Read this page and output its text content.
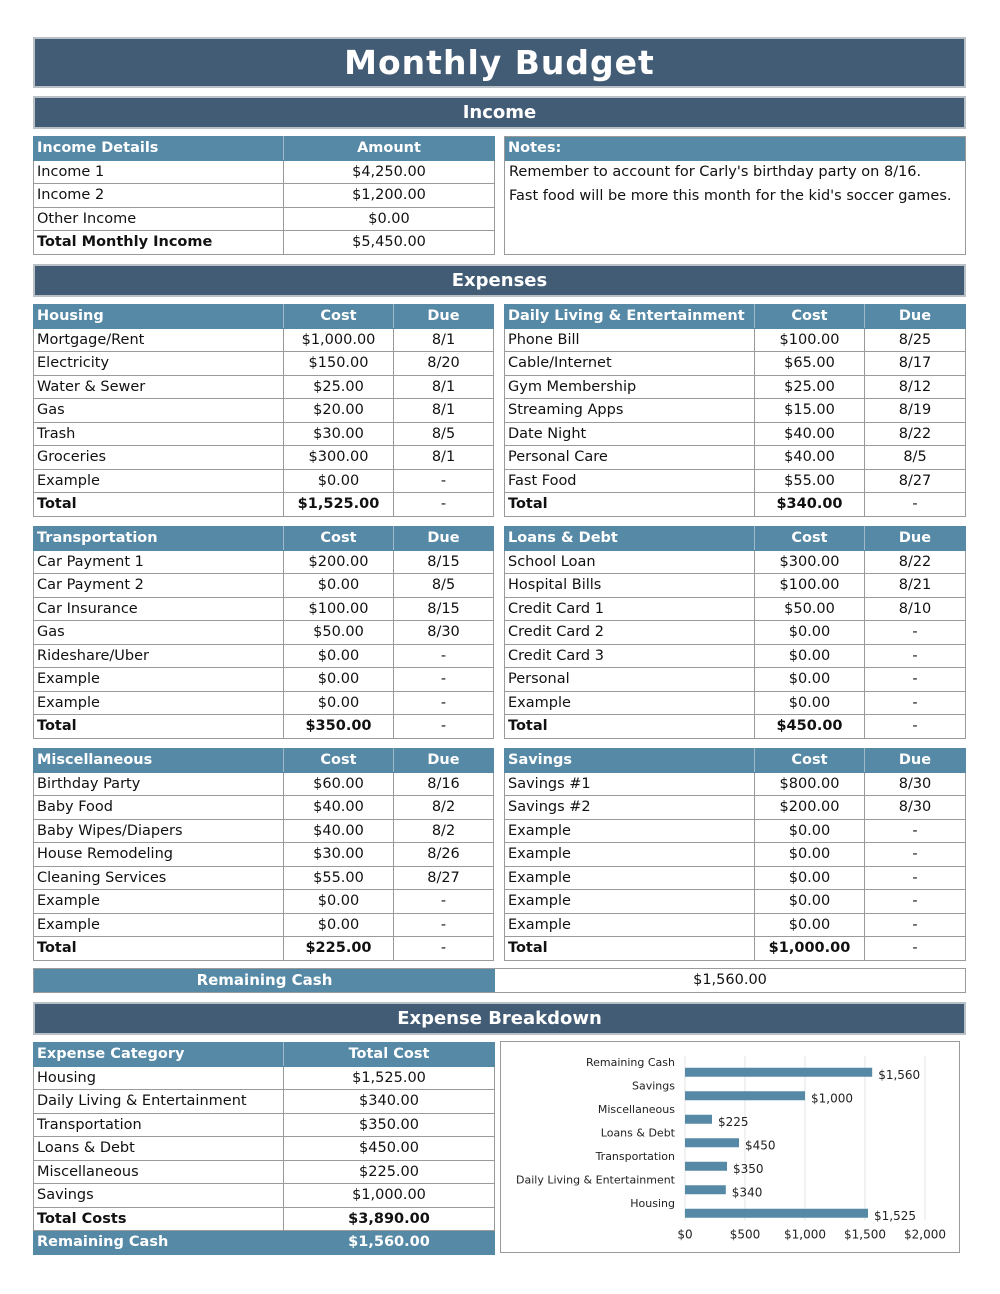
Monthly Budget
Income
Income Details	Amount
Income 1	$4,250.00
Income 2	$1,200.00
Other Income	$0.00
Total Monthly Income	$5,450.00
Notes:
Remember to account for Carly's birthday party on 8/16.
Fast food will be more this month for the kid's soccer games.
Expenses
Housing	Cost	Due
Mortgage/Rent	$1,000.00	8/1
Electricity	$150.00	8/20
Water & Sewer	$25.00	8/1
Gas	$20.00	8/1
Trash	$30.00	8/5
Groceries	$300.00	8/1
Example	$0.00	-
Total	$1,525.00	-
Daily Living & Entertainment	Cost	Due
Phone Bill	$100.00	8/25
Cable/Internet	$65.00	8/17
Gym Membership	$25.00	8/12
Streaming Apps	$15.00	8/19
Date Night	$40.00	8/22
Personal Care	$40.00	8/5
Fast Food	$55.00	8/27
Total	$340.00	-
Transportation	Cost	Due
Car Payment 1	$200.00	8/15
Car Payment 2	$0.00	8/5
Car Insurance	$100.00	8/15
Gas	$50.00	8/30
Rideshare/Uber	$0.00	-
Example	$0.00	-
Example	$0.00	-
Total	$350.00	-
Loans & Debt	Cost	Due
School Loan	$300.00	8/22
Hospital Bills	$100.00	8/21
Credit Card 1	$50.00	8/10
Credit Card 2	$0.00	-
Credit Card 3	$0.00	-
Personal	$0.00	-
Example	$0.00	-
Total	$450.00	-
Miscellaneous	Cost	Due
Birthday Party	$60.00	8/16
Baby Food	$40.00	8/2
Baby Wipes/Diapers	$40.00	8/2
House Remodeling	$30.00	8/26
Cleaning Services	$55.00	8/27
Example	$0.00	-
Example	$0.00	-
Total	$225.00	-
Savings	Cost	Due
Savings #1	$800.00	8/30
Savings #2	$200.00	8/30
Example	$0.00	-
Example	$0.00	-
Example	$0.00	-
Example	$0.00	-
Example	$0.00	-
Total	$1,000.00	-
Remaining Cash	$1,560.00
Expense Breakdown
Expense Category	Total Cost
Housing	$1,525.00
Daily Living & Entertainment	$340.00
Transportation	$350.00
Loans & Debt	$450.00
Miscellaneous	$225.00
Savings	$1,000.00
Total Costs	$3,890.00
Remaining Cash	$1,560.00	$0	$500 $1,000 $1,500 $2,000
Remaining Cash
$1,560
Savings
$1,000
Miscellaneous
$225
Loans & Debt
$450
Transportation
$350
Daily Living & Entertainment
$340
Housing
$1,525
